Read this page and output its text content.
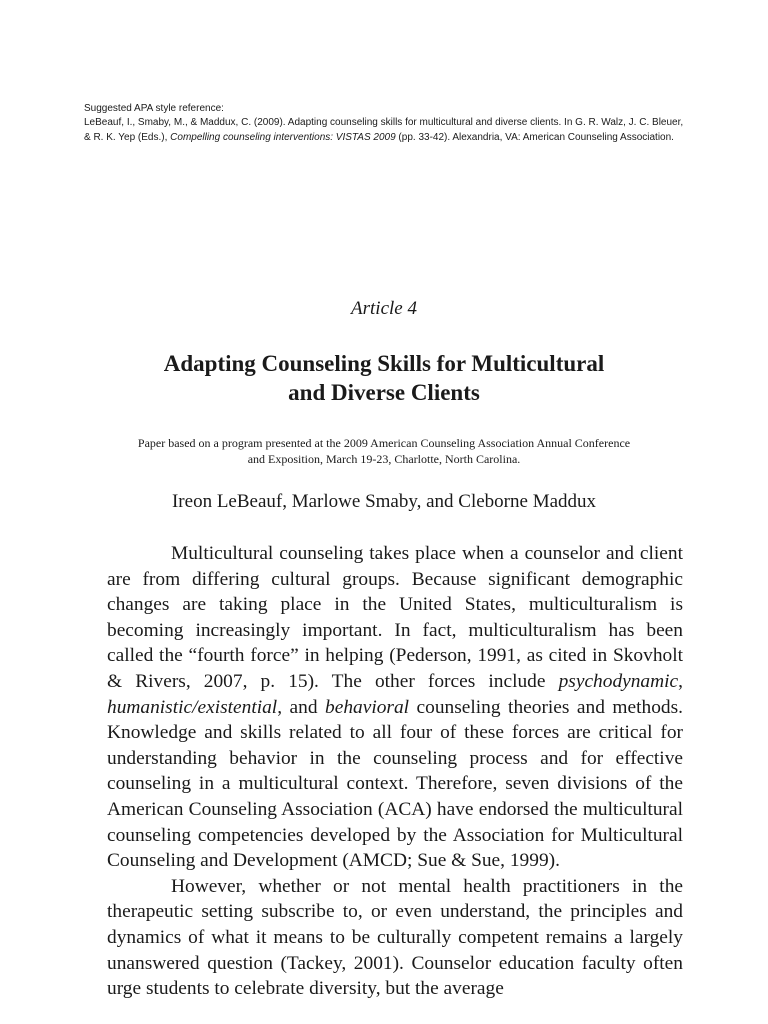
Suggested APA style reference:

LeBeauf, I., Smaby, M., & Maddux, C. (2009). Adapting counseling skills for multicultural and diverse clients. In G. R. Walz, J. C. Bleuer, & R. K. Yep (Eds.), Compelling counseling interventions: VISTAS 2009 (pp. 33-42). Alexandria, VA: American Counseling Association.

Article 4
Adapting Counseling Skills for Multicultural
and Diverse Clients
Paper based on a program presented at the 2009 American Counseling Association Annual Conference
and Exposition, March 19-23, Charlotte, North Carolina.
Ireon LeBeauf, Marlowe Smaby, and Cleborne Maddux

Multicultural counseling takes place when a counselor and client are from differing cultural groups. Because significant demographic changes are taking place in the United States, multiculturalism is becoming increasingly important. In fact, multiculturalism has been called the “fourth force” in helping (Pederson, 1991, as cited in Skovholt & Rivers, 2007, p. 15). The other forces include psychodynamic, humanistic/existential, and behavioral counseling theories and methods. Knowledge and skills related to all four of these forces are critical for understanding behavior in the counseling process and for effective counseling in a multicultural context. Therefore, seven divisions of the American Counseling Association (ACA) have endorsed the multicultural counseling competencies developed by the Association for Multicultural Counseling and Development (AMCD; Sue & Sue, 1999).

However, whether or not mental health practitioners in the therapeutic setting subscribe to, or even understand, the principles and dynamics of what it means to be culturally competent remains a largely unanswered question (Tackey, 2001). Counselor education faculty often urge students to celebrate diversity, but the average
